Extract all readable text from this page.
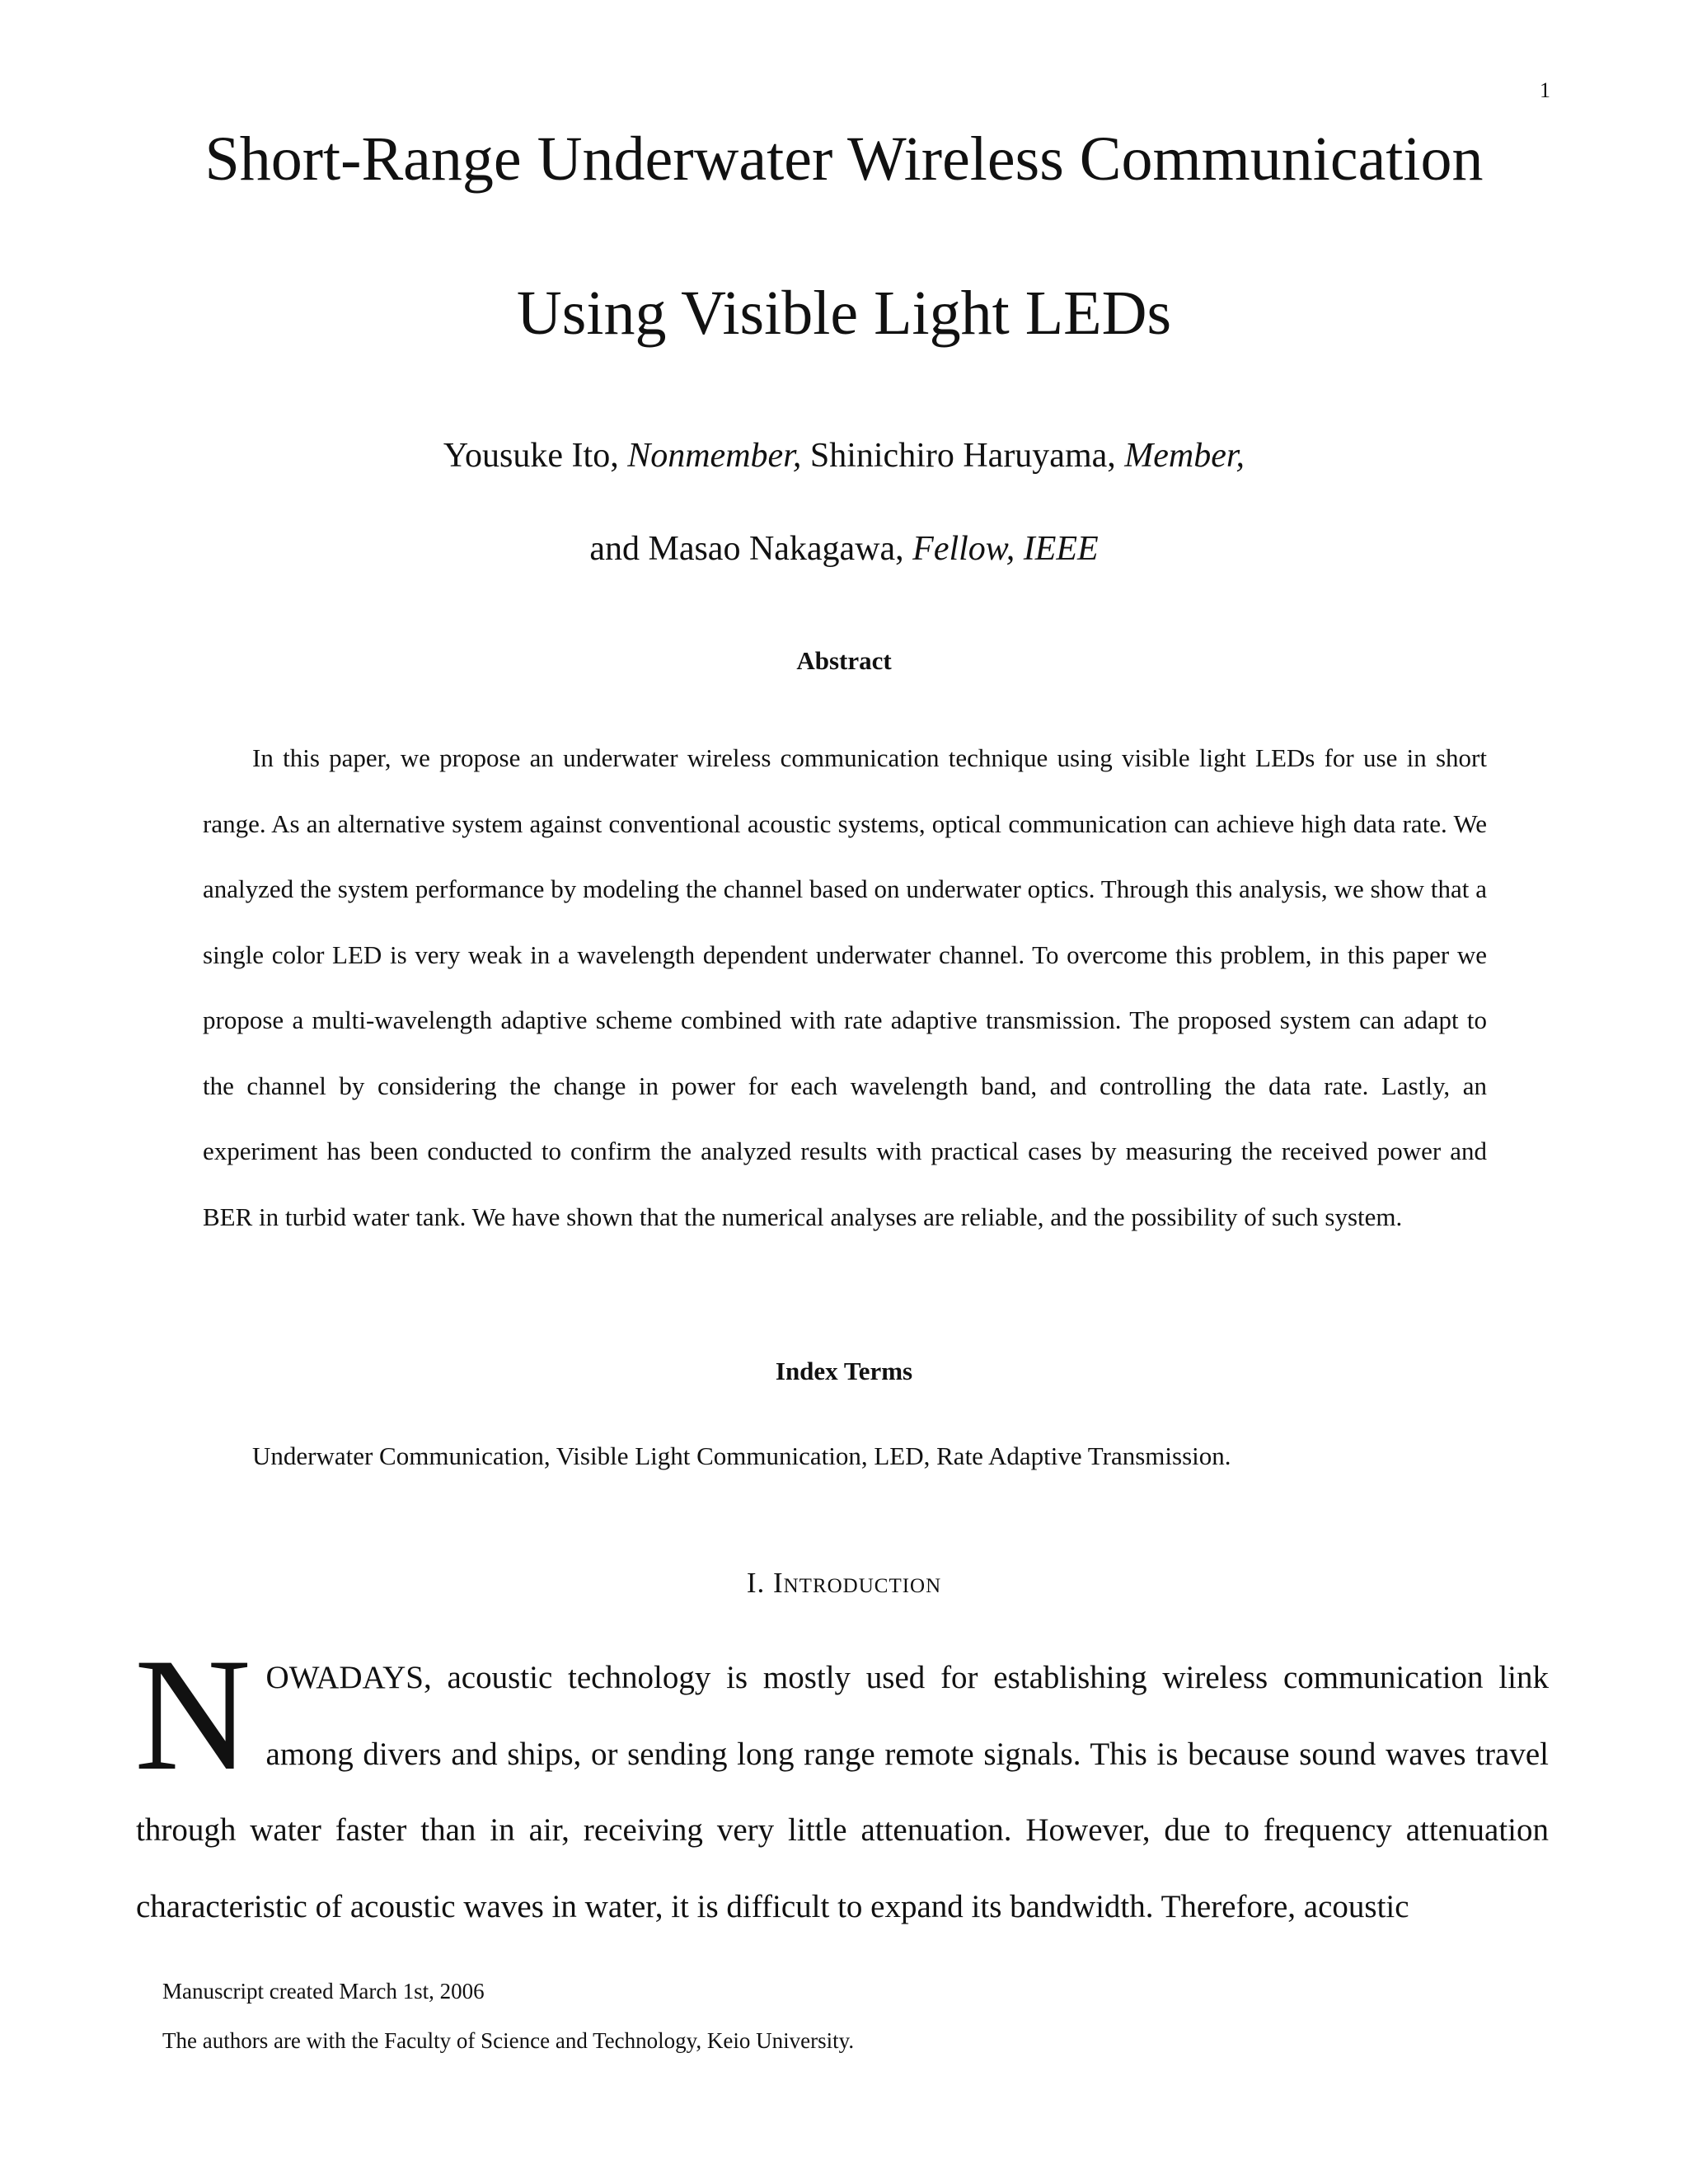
1
Short-Range Underwater Wireless Communication
Using Visible Light LEDs
Yousuke Ito, Nonmember, Shinichiro Haruyama, Member,
and Masao Nakagawa, Fellow, IEEE
Abstract

In this paper, we propose an underwater wireless communication technique using visible light LEDs for use in short range. As an alternative system against conventional acoustic systems, optical communication can achieve high data rate. We analyzed the system performance by modeling the channel based on underwater optics. Through this analysis, we show that a single color LED is very weak in a wavelength dependent underwater channel. To overcome this problem, in this paper we propose a multi-wavelength adaptive scheme combined with rate adaptive transmission. The proposed system can adapt to the channel by considering the change in power for each wavelength band, and controlling the data rate. Lastly, an experiment has been conducted to confirm the analyzed results with practical cases by measuring the received power and BER in turbid water tank. We have shown that the numerical analyses are reliable, and the possibility of such system.

Index Terms
Underwater Communication, Visible Light Communication, LED, Rate Adaptive Transmission.
I. Introduction

NOWADAYS, acoustic technology is mostly used for establishing wireless communication link among divers and ships, or sending long range remote signals. This is because sound waves travel through water faster than in air, receiving very little attenuation. However, due to frequency attenuation characteristic of acoustic waves in water, it is difficult to expand its bandwidth. Therefore, acoustic

Manuscript created March 1st, 2006
The authors are with the Faculty of Science and Technology, Keio University.
